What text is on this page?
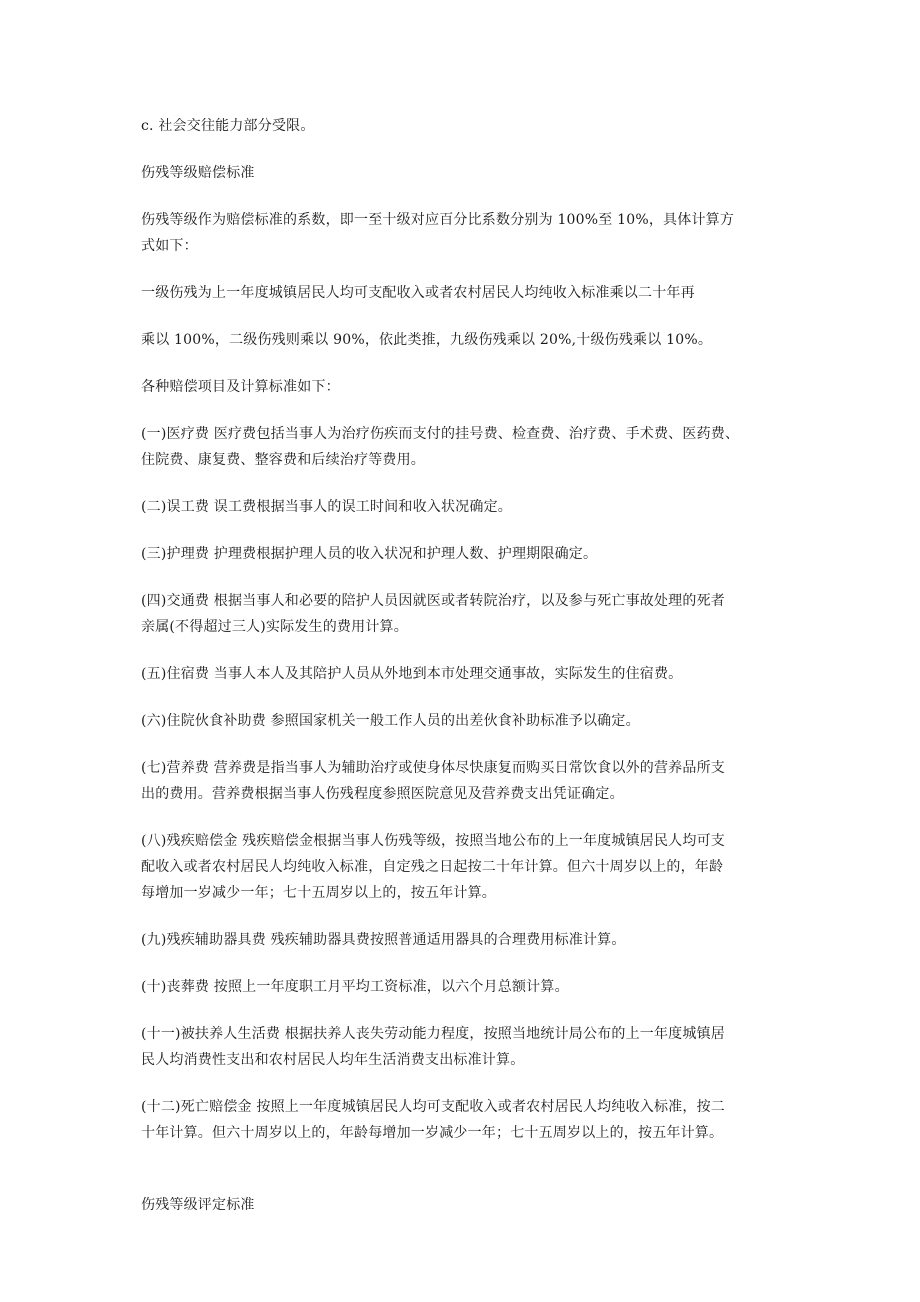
c. 社会交往能力部分受限。

伤残等级赔偿标准

伤残等级作为赔偿标准的系数，即一至十级对应百分比系数分别为 100%至 10%，具体计算方
式如下：

一级伤残为上一年度城镇居民人均可支配收入或者农村居民人均纯收入标准乘以二十年再

乘以 100%，二级伤残则乘以 90%，依此类推，九级伤残乘以 20%,十级伤残乘以 10%。

各种赔偿项目及计算标准如下：

(一)医疗费 医疗费包括当事人为治疗伤疾而支付的挂号费、检查费、治疗费、手术费、医药费、
住院费、康复费、整容费和后续治疗等费用。

(二)误工费 误工费根据当事人的误工时间和收入状况确定。

(三)护理费 护理费根据护理人员的收入状况和护理人数、护理期限确定。

(四)交通费 根据当事人和必要的陪护人员因就医或者转院治疗，以及参与死亡事故处理的死者
亲属(不得超过三人)实际发生的费用计算。

(五)住宿费 当事人本人及其陪护人员从外地到本市处理交通事故，实际发生的住宿费。

(六)住院伙食补助费 参照国家机关一般工作人员的出差伙食补助标准予以确定。

(七)营养费 营养费是指当事人为辅助治疗或使身体尽快康复而购买日常饮食以外的营养品所支
出的费用。营养费根据当事人伤残程度参照医院意见及营养费支出凭证确定。

(八)残疾赔偿金 残疾赔偿金根据当事人伤残等级，按照当地公布的上一年度城镇居民人均可支
配收入或者农村居民人均纯收入标准，自定残之日起按二十年计算。但六十周岁以上的，年龄
每增加一岁减少一年；七十五周岁以上的，按五年计算。

(九)残疾辅助器具费 残疾辅助器具费按照普通适用器具的合理费用标准计算。

(十)丧葬费 按照上一年度职工月平均工资标准，以六个月总额计算。

(十一)被扶养人生活费 根据扶养人丧失劳动能力程度，按照当地统计局公布的上一年度城镇居
民人均消费性支出和农村居民人均年生活消费支出标准计算。

(十二)死亡赔偿金 按照上一年度城镇居民人均可支配收入或者农村居民人均纯收入标准，按二
十年计算。但六十周岁以上的，年龄每增加一岁减少一年；七十五周岁以上的，按五年计算。

伤残等级评定标准
